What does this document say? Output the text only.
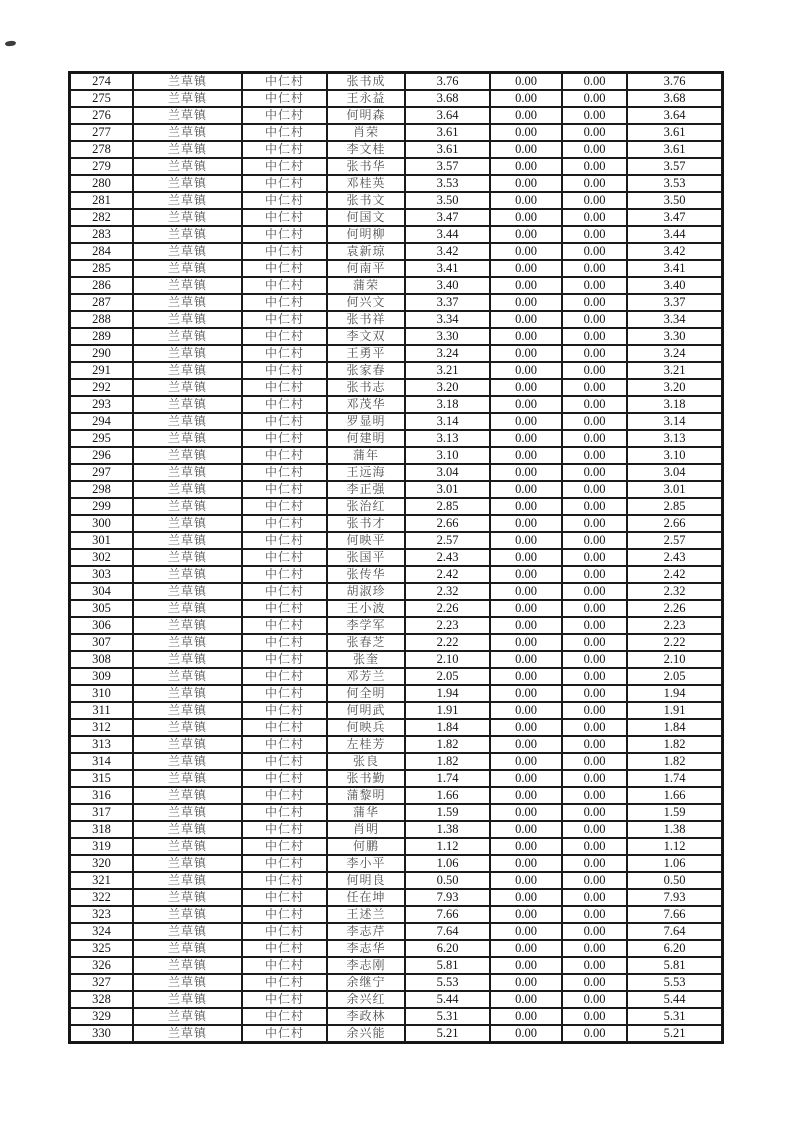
274	兰草镇	中仁村	张书成	3.76	0.00	0.00	3.76
275	兰草镇	中仁村	王永益	3.68	0.00	0.00	3.68
276	兰草镇	中仁村	何明森	3.64	0.00	0.00	3.64
277	兰草镇	中仁村	肖荣	3.61	0.00	0.00	3.61
278	兰草镇	中仁村	李文桂	3.61	0.00	0.00	3.61
279	兰草镇	中仁村	张书华	3.57	0.00	0.00	3.57
280	兰草镇	中仁村	邓桂英	3.53	0.00	0.00	3.53
281	兰草镇	中仁村	张书文	3.50	0.00	0.00	3.50
282	兰草镇	中仁村	何国文	3.47	0.00	0.00	3.47
283	兰草镇	中仁村	何明柳	3.44	0.00	0.00	3.44
284	兰草镇	中仁村	袁新琼	3.42	0.00	0.00	3.42
285	兰草镇	中仁村	何南平	3.41	0.00	0.00	3.41
286	兰草镇	中仁村	蒲荣	3.40	0.00	0.00	3.40
287	兰草镇	中仁村	何兴文	3.37	0.00	0.00	3.37
288	兰草镇	中仁村	张书祥	3.34	0.00	0.00	3.34
289	兰草镇	中仁村	李文双	3.30	0.00	0.00	3.30
290	兰草镇	中仁村	王勇平	3.24	0.00	0.00	3.24
291	兰草镇	中仁村	张家春	3.21	0.00	0.00	3.21
292	兰草镇	中仁村	张书志	3.20	0.00	0.00	3.20
293	兰草镇	中仁村	邓茂华	3.18	0.00	0.00	3.18
294	兰草镇	中仁村	罗显明	3.14	0.00	0.00	3.14
295	兰草镇	中仁村	何建明	3.13	0.00	0.00	3.13
296	兰草镇	中仁村	蒲年	3.10	0.00	0.00	3.10
297	兰草镇	中仁村	王远海	3.04	0.00	0.00	3.04
298	兰草镇	中仁村	李正强	3.01	0.00	0.00	3.01
299	兰草镇	中仁村	张治红	2.85	0.00	0.00	2.85
300	兰草镇	中仁村	张书才	2.66	0.00	0.00	2.66
301	兰草镇	中仁村	何映平	2.57	0.00	0.00	2.57
302	兰草镇	中仁村	张国平	2.43	0.00	0.00	2.43
303	兰草镇	中仁村	张传华	2.42	0.00	0.00	2.42
304	兰草镇	中仁村	胡淑珍	2.32	0.00	0.00	2.32
305	兰草镇	中仁村	王小波	2.26	0.00	0.00	2.26
306	兰草镇	中仁村	李学军	2.23	0.00	0.00	2.23
307	兰草镇	中仁村	张春芝	2.22	0.00	0.00	2.22
308	兰草镇	中仁村	张奎	2.10	0.00	0.00	2.10
309	兰草镇	中仁村	邓芳兰	2.05	0.00	0.00	2.05
310	兰草镇	中仁村	何全明	1.94	0.00	0.00	1.94
311	兰草镇	中仁村	何明武	1.91	0.00	0.00	1.91
312	兰草镇	中仁村	何映兵	1.84	0.00	0.00	1.84
313	兰草镇	中仁村	左桂芳	1.82	0.00	0.00	1.82
314	兰草镇	中仁村	张良	1.82	0.00	0.00	1.82
315	兰草镇	中仁村	张书勤	1.74	0.00	0.00	1.74
316	兰草镇	中仁村	蒲黎明	1.66	0.00	0.00	1.66
317	兰草镇	中仁村	蒲华	1.59	0.00	0.00	1.59
318	兰草镇	中仁村	肖明	1.38	0.00	0.00	1.38
319	兰草镇	中仁村	何鹏	1.12	0.00	0.00	1.12
320	兰草镇	中仁村	李小平	1.06	0.00	0.00	1.06
321	兰草镇	中仁村	何明良	0.50	0.00	0.00	0.50
322	兰草镇	中仁村	任在坤	7.93	0.00	0.00	7.93
323	兰草镇	中仁村	王述兰	7.66	0.00	0.00	7.66
324	兰草镇	中仁村	李志芹	7.64	0.00	0.00	7.64
325	兰草镇	中仁村	李志华	6.20	0.00	0.00	6.20
326	兰草镇	中仁村	李志刚	5.81	0.00	0.00	5.81
327	兰草镇	中仁村	余继宁	5.53	0.00	0.00	5.53
328	兰草镇	中仁村	余兴红	5.44	0.00	0.00	5.44
329	兰草镇	中仁村	李政林	5.31	0.00	0.00	5.31
330	兰草镇	中仁村	余兴能	5.21	0.00	0.00	5.21
